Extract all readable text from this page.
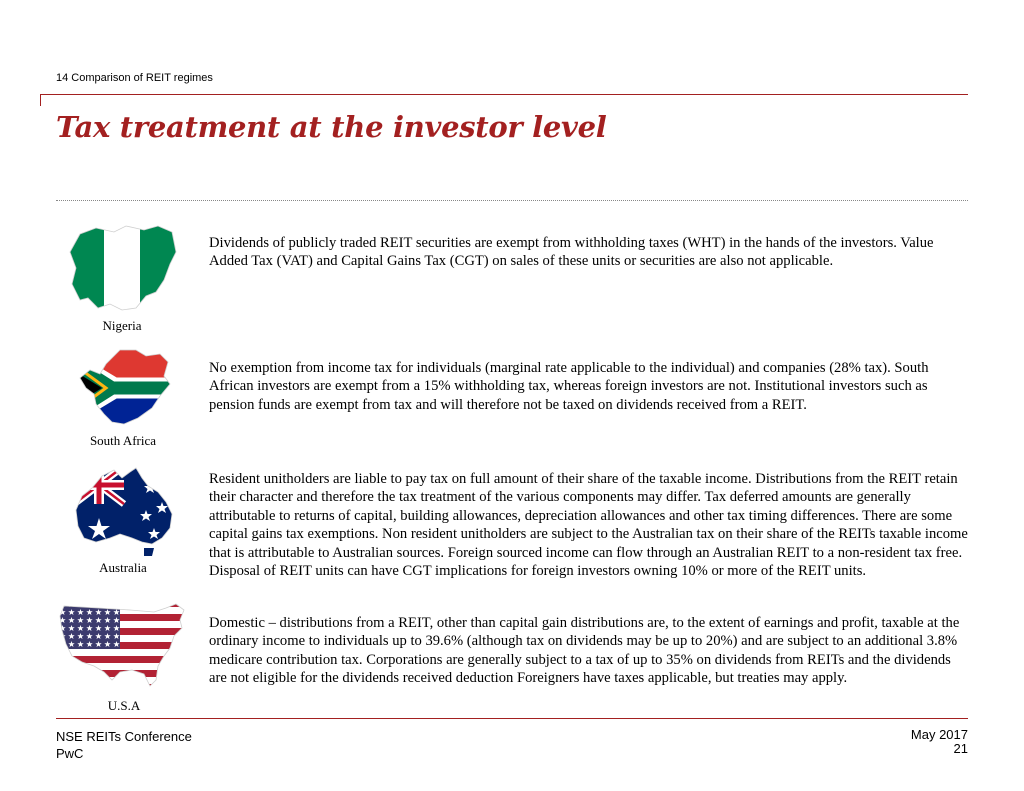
14 Comparison of REIT regimes
Tax treatment at the investor level
Nigeria
Dividends of publicly traded REIT securities are exempt from withholding taxes (WHT) in the hands of the investors. Value Added Tax (VAT) and Capital Gains Tax (CGT) on sales of these units or securities are also not applicable.
South Africa
No exemption from income tax for individuals (marginal rate applicable to the individual) and companies (28% tax). South African investors are exempt from a 15% withholding tax, whereas foreign investors are not. Institutional investors such as pension funds are exempt from tax and will therefore not be taxed on dividends received from a REIT.
Australia
Resident unitholders are liable to pay tax on full amount of their share of the taxable income. Distributions from the REIT retain their character and therefore the tax treatment of the various components may differ. Tax deferred amounts are generally attributable to returns of capital, building allowances, depreciation allowances and other tax timing differences. There are some capital gains tax exemptions. Non resident unitholders are subject to the Australian tax on their share of the REITs taxable income that is attributable to Australian sources. Foreign sourced income can flow through an Australian REIT to a non-resident tax free. Disposal of REIT units can have CGT implications for foreign investors owning 10% or more of the REIT units.
U.S.A
Domestic – distributions from a REIT, other than capital gain distributions are, to the extent of earnings and profit, taxable at the ordinary income to individuals up to 39.6% (although tax on dividends may be up to 20%) and are subject to an additional 3.8% medicare contribution tax. Corporations are generally subject to a tax of up to 35% on dividends from REITs and the dividends are not eligible for the dividends received deduction Foreigners have taxes applicable, but treaties may apply.
NSE REITs Conference
PwC
May 2017
21
